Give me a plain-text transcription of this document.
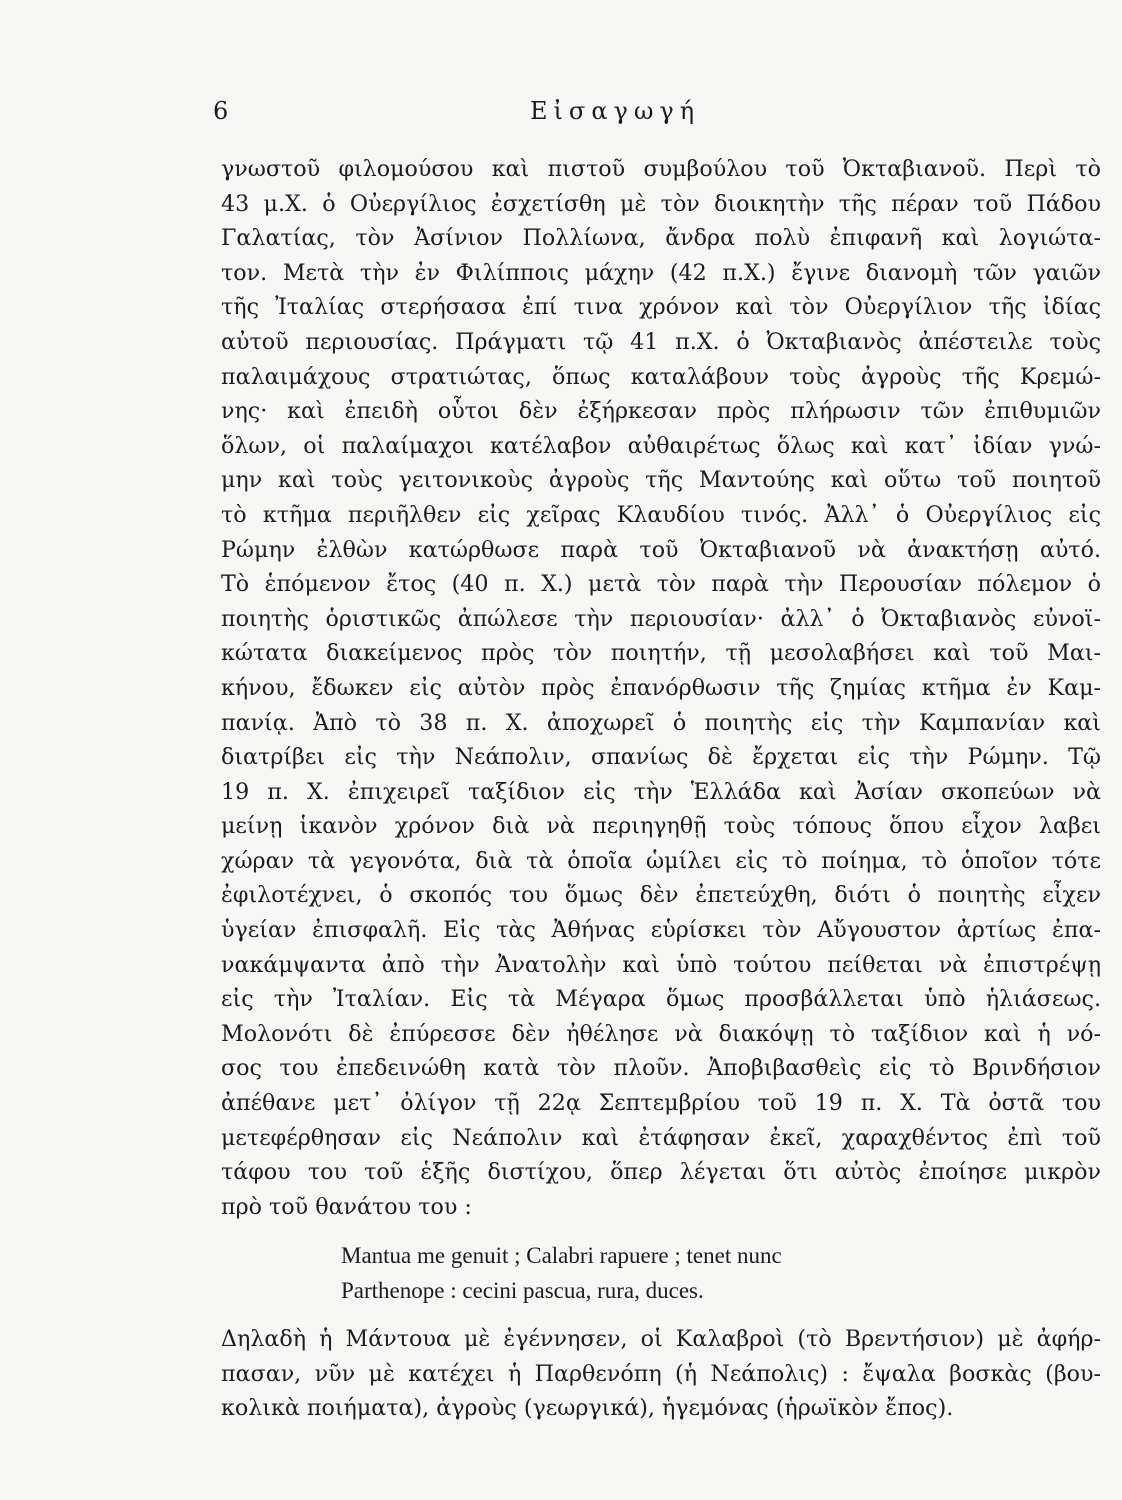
6	Εἰσαγωγή
γνωστοῦ φιλομούσου καὶ πιστοῦ συμβούλου τοῦ Ὀκταβιανοῦ. Περὶ τὸ
43 μ.Χ. ὁ Οὐεργίλιος ἐσχετίσθη μὲ τὸν διοικητὴν τῆς πέραν τοῦ Πάδου
Γαλατίας, τὸν Ἀσίνιον Πολλίωνα, ἄνδρα πολὺ ἐπιφανῆ καὶ λογιώτα-
τον. Μετὰ τὴν ἐν Φιλίπποις μάχην (42 π.Χ.) ἔγινε διανομὴ τῶν γαιῶν
τῆς Ἰταλίας στερήσασα ἐπί τινα χρόνον καὶ τὸν Οὐεργίλιον τῆς ἰδίας
αὐτοῦ περιουσίας. Πράγματι τῷ 41 π.Χ. ὁ Ὀκταβιανὸς ἀπέστειλε τοὺς
παλαιμάχους στρατιώτας, ὅπως καταλάβουν τοὺς ἀγροὺς τῆς Κρεμώ-
νης· καὶ ἐπειδὴ οὗτοι δὲν ἐξήρκεσαν πρὸς πλήρωσιν τῶν ἐπιθυμιῶν
ὅλων, οἱ παλαίμαχοι κατέλαβον αὐθαιρέτως ὅλως καὶ κατ᾽ ἰδίαν γνώ-
μην καὶ τοὺς γειτονικοὺς ἀγροὺς τῆς Μαντούης καὶ οὕτω τοῦ ποιητοῦ
τὸ κτῆμα περιῆλθεν εἰς χεῖρας Κλαυδίου τινός. Ἀλλ᾽ ὁ Οὐεργίλιος εἰς
Ρώμην ἐλθὼν κατώρθωσε παρὰ τοῦ Ὀκταβιανοῦ νὰ ἀνακτήσῃ αὐτό.
Τὸ ἑπόμενον ἔτος (40 π. Χ.) μετὰ τὸν παρὰ τὴν Περουσίαν πόλεμον ὁ
ποιητὴς ὁριστικῶς ἀπώλεσε τὴν περιουσίαν· ἀλλ᾽ ὁ Ὀκταβιανὸς εὐνοϊ-
κώτατα διακείμενος πρὸς τὸν ποιητήν, τῇ μεσολαβήσει καὶ τοῦ Μαι-
κήνου, ἔδωκεν εἰς αὐτὸν πρὸς ἐπανόρθωσιν τῆς ζημίας κτῆμα ἐν Καμ-
πανίᾳ. Ἀπὸ τὸ 38 π. Χ. ἀποχωρεῖ ὁ ποιητὴς εἰς τὴν Καμπανίαν καὶ
διατρίβει εἰς τὴν Νεάπολιν, σπανίως δὲ ἔρχεται εἰς τὴν Ρώμην. Τῷ
19 π. Χ. ἐπιχειρεῖ ταξίδιον εἰς τὴν Ἑλλάδα καὶ Ἀσίαν σκοπεύων νὰ
μείνῃ ἱκανὸν χρόνον διὰ νὰ περιηγηθῇ τοὺς τόπους ὅπου εἶχον λαβει
χώραν τὰ γεγονότα, διὰ τὰ ὁποῖα ὡμίλει εἰς τὸ ποίημα, τὸ ὁποῖον τότε
ἐφιλοτέχνει, ὁ σκοπός του ὅμως δὲν ἐπετεύχθη, διότι ὁ ποιητὴς εἶχεν
ὑγείαν ἐπισφαλῆ. Εἰς τὰς Ἀθήνας εὑρίσκει τὸν Αὔγουστον ἀρτίως ἐπα-
νακάμψαντα ἀπὸ τὴν Ἀνατολὴν καὶ ὑπὸ τούτου πείθεται νὰ ἐπιστρέψῃ
εἰς τὴν Ἰταλίαν. Εἰς τὰ Μέγαρα ὅμως προσβάλλεται ὑπὸ ἡλιάσεως.
Μολονότι δὲ ἐπύρεσσε δὲν ἠθέλησε νὰ διακόψῃ τὸ ταξίδιον καὶ ἡ νό-
σος του ἐπεδεινώθη κατὰ τὸν πλοῦν. Ἀποβιβασθεὶς εἰς τὸ Βρινδήσιον
ἀπέθανε μετ᾽ ὀλίγον τῇ 22ᾳ Σεπτεμβρίου τοῦ 19 π. Χ. Τὰ ὀστᾶ του
μετεφέρθησαν εἰς Νεάπολιν καὶ ἐτάφησαν ἐκεῖ, χαραχθέντος ἐπὶ τοῦ
τάφου του τοῦ ἑξῆς διστίχου, ὅπερ λέγεται ὅτι αὐτὸς ἐποίησε μικρὸν
πρὸ τοῦ θανάτου του :
Mantua me genuit ; Calabri rapuere ; tenet nunc
Parthenope : cecini pascua, rura, duces.
Δηλαδὴ ἡ Μάντουα μὲ ἐγέννησεν, οἱ Καλαβροὶ (τὸ Βρεντήσιον) μὲ ἀφήρ-
πασαν, νῦν μὲ κατέχει ἡ Παρθενόπη (ἡ Νεάπολις) : ἔψαλα βοσκὰς (βου-
κολικὰ ποιήματα), ἀγροὺς (γεωργικά), ἡγεμόνας (ἡρωϊκὸν ἔπος).
